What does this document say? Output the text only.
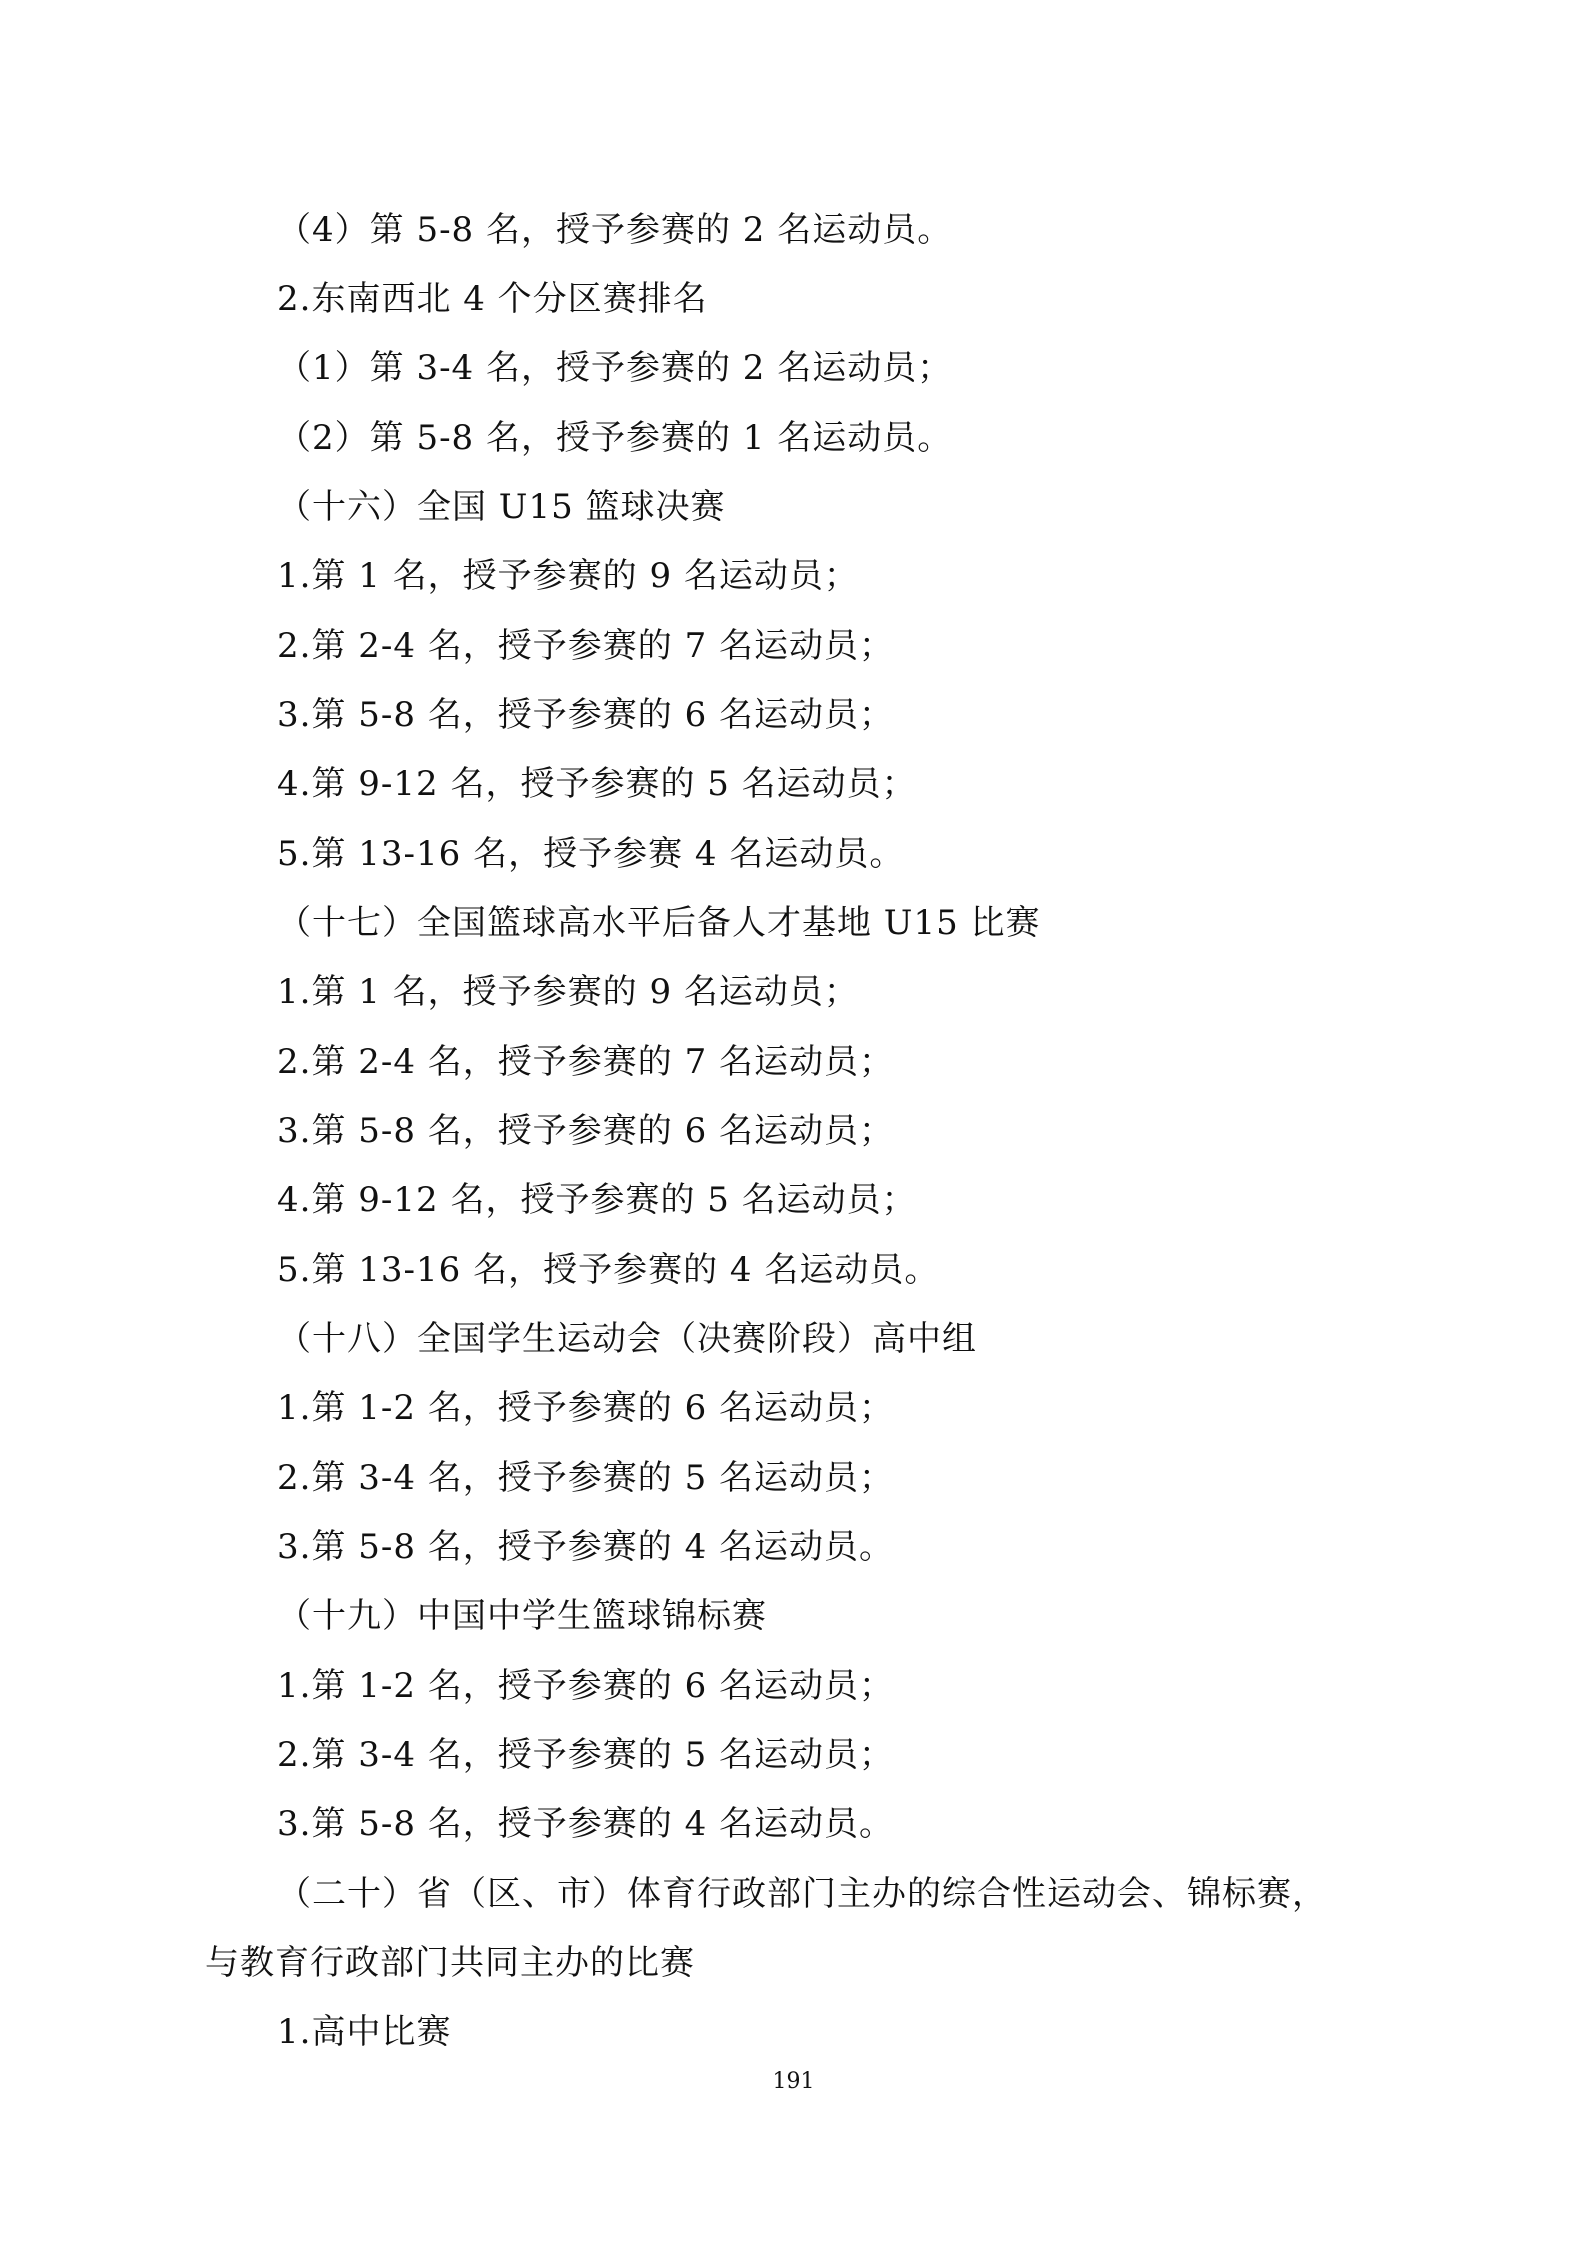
（4）第 5-8 名，授予参赛的 2 名运动员。
2.东南西北 4 个分区赛排名
（1）第 3-4 名，授予参赛的 2 名运动员；
（2）第 5-8 名，授予参赛的 1 名运动员。
（十六）全国 U15 篮球决赛
1.第 1 名，授予参赛的 9 名运动员；
2.第 2-4 名，授予参赛的 7 名运动员；
3.第 5-8 名，授予参赛的 6 名运动员；
4.第 9-12 名，授予参赛的 5 名运动员；
5.第 13-16 名，授予参赛 4 名运动员。
（十七）全国篮球高水平后备人才基地 U15 比赛
1.第 1 名，授予参赛的 9 名运动员；
2.第 2-4 名，授予参赛的 7 名运动员；
3.第 5-8 名，授予参赛的 6 名运动员；
4.第 9-12 名，授予参赛的 5 名运动员；
5.第 13-16 名，授予参赛的 4 名运动员。
（十八）全国学生运动会（决赛阶段）高中组
1.第 1-2 名，授予参赛的 6 名运动员；
2.第 3-4 名，授予参赛的 5 名运动员；
3.第 5-8 名，授予参赛的 4 名运动员。
（十九）中国中学生篮球锦标赛
1.第 1-2 名，授予参赛的 6 名运动员；
2.第 3-4 名，授予参赛的 5 名运动员；
3.第 5-8 名，授予参赛的 4 名运动员。
（二十）省（区、市）体育行政部门主办的综合性运动会、锦标赛，
与教育行政部门共同主办的比赛
1.高中比赛
191
